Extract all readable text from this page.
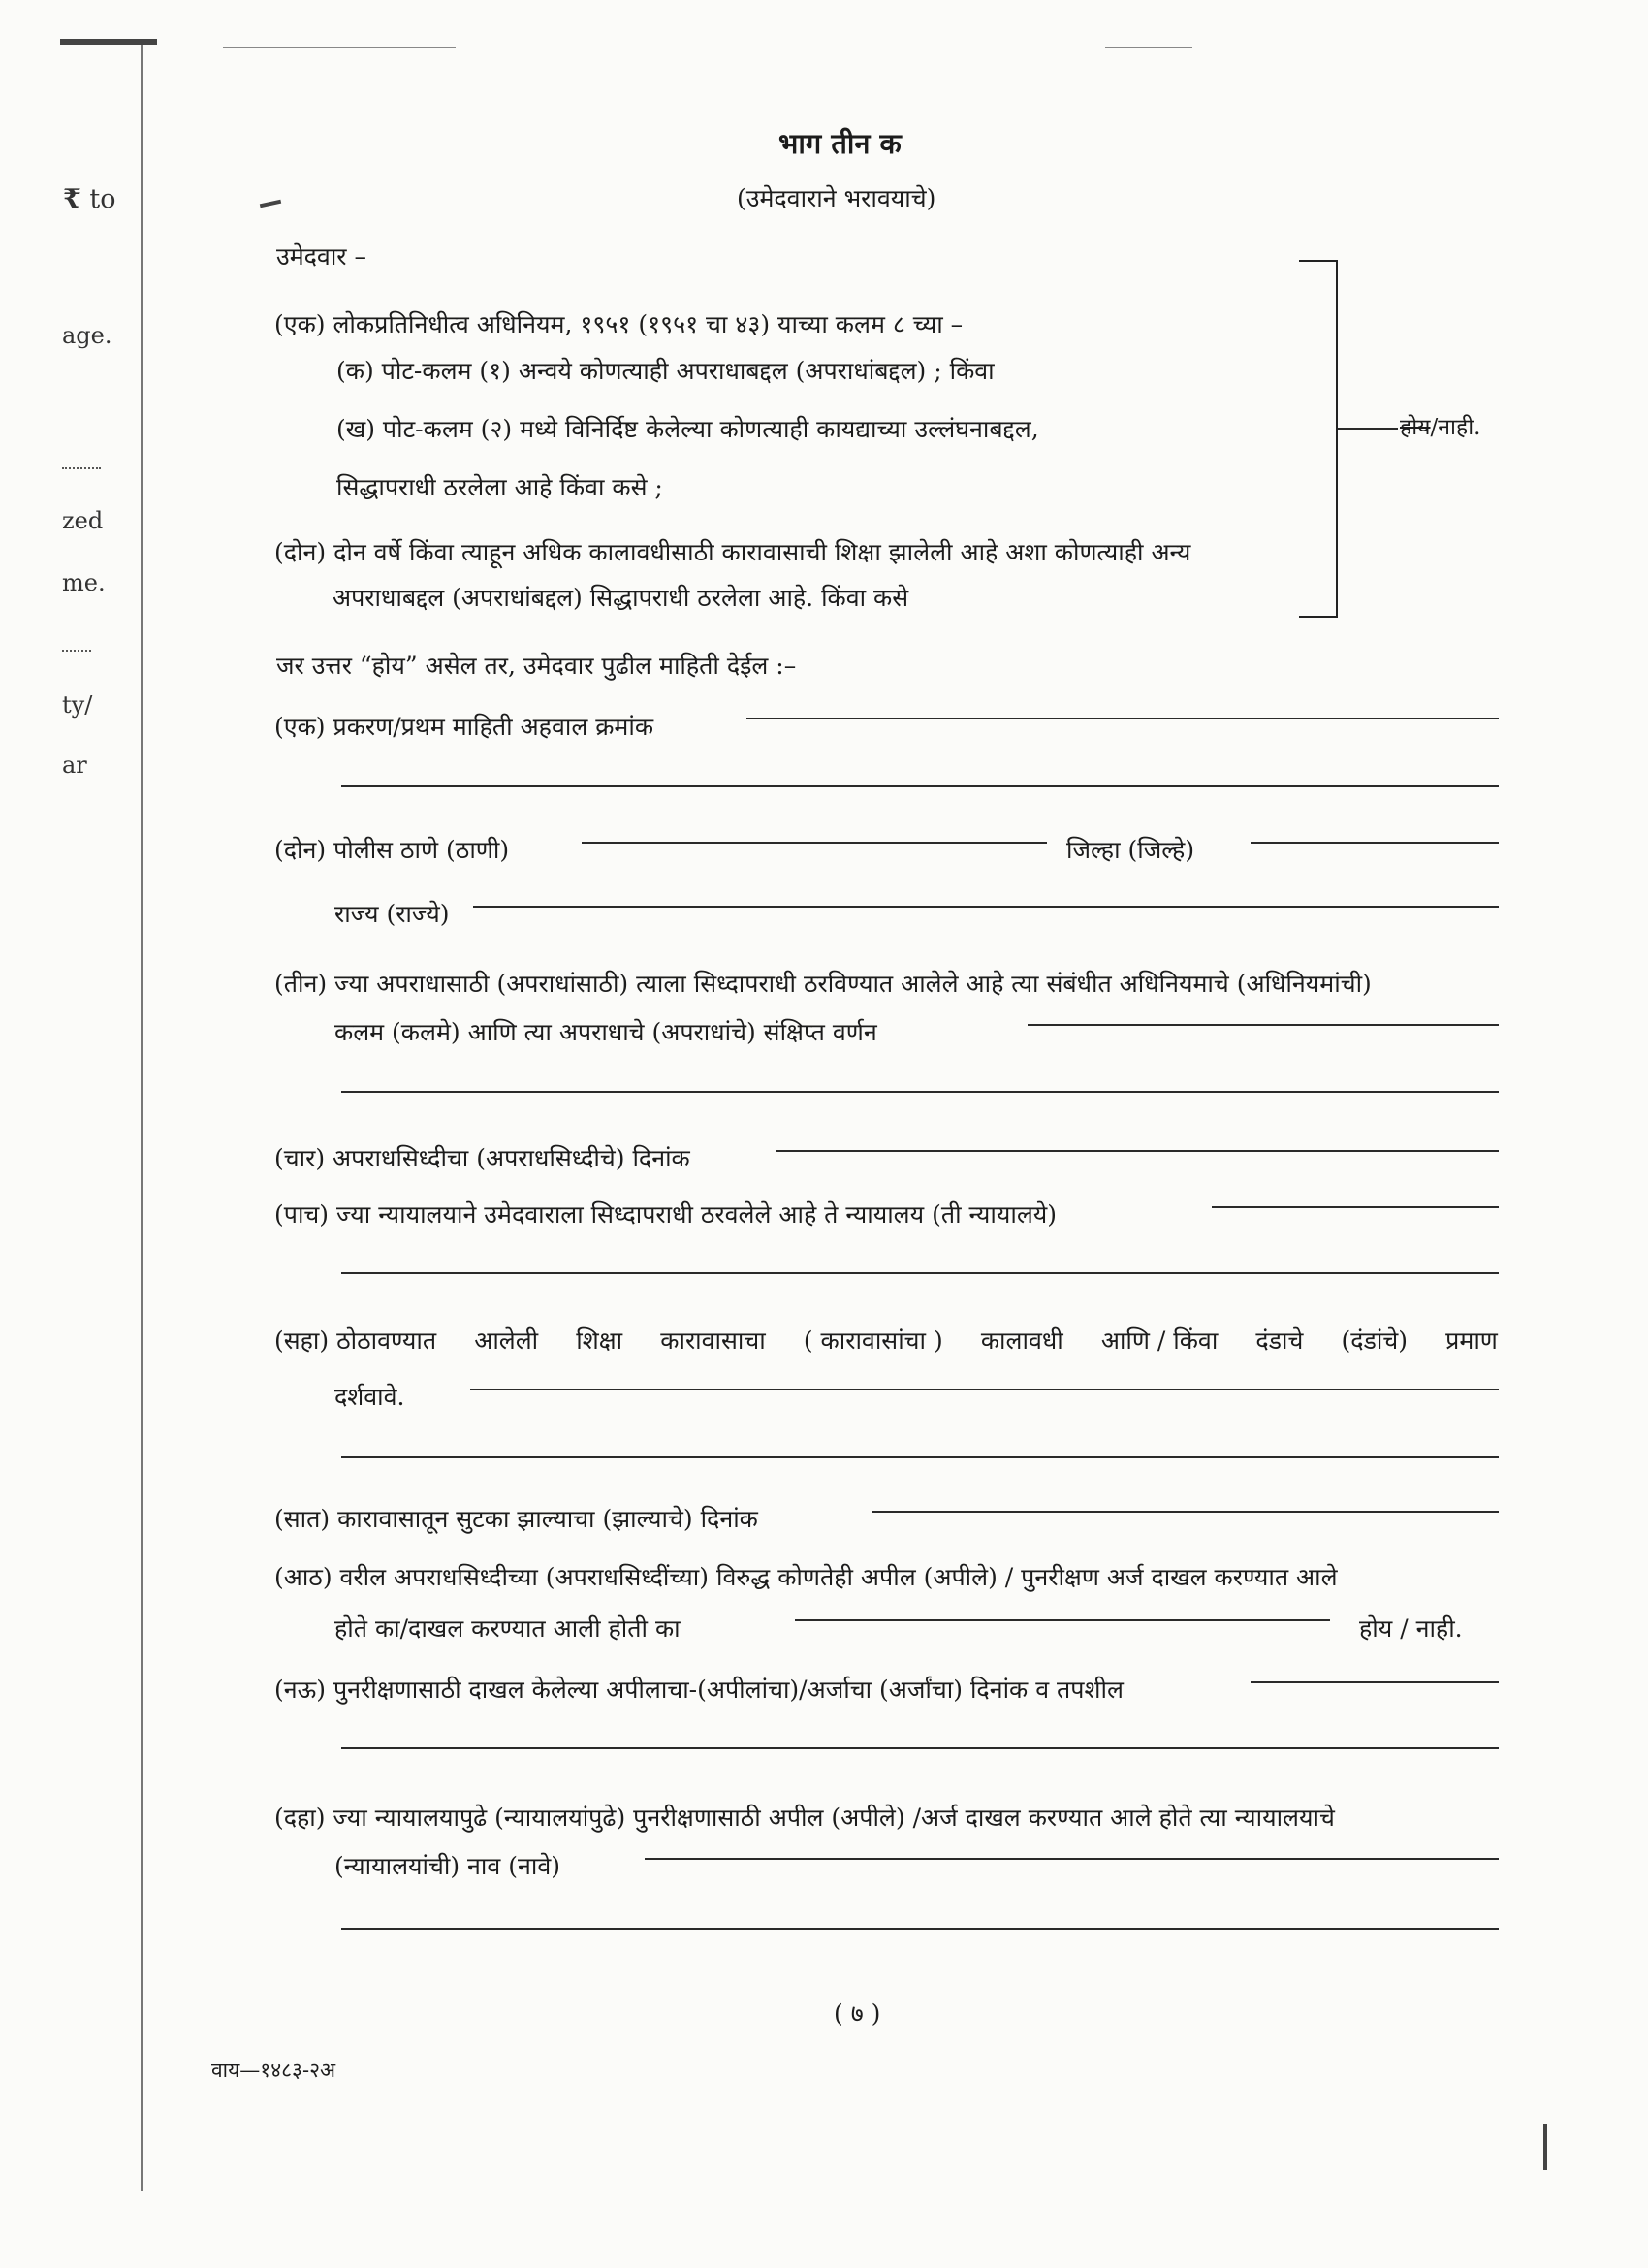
₹ to
age.
zed
me.
ty/
ar
भाग तीन क
(उमेदवाराने भरावयाचे)
उमेदवार –
(एक) लोकप्रतिनिधीत्व अधिनियम, १९५१ (१९५१ चा ४३) याच्या कलम ८ च्या –
(क) पोट-कलम (१) अन्वये कोणत्याही अपराधाबद्दल (अपराधांबद्दल) ; किंवा
(ख) पोट-कलम (२) मध्ये विनिर्दिष्ट केलेल्या कोणत्याही कायद्याच्या उल्लंघनाबद्दल,
सिद्धापराधी ठरलेला आहे किंवा कसे ;
(दोन) दोन वर्षे किंवा त्याहून अधिक कालावधीसाठी कारावासाची शिक्षा झालेली आहे अशा कोणत्याही अन्य
अपराधाबद्दल (अपराधांबद्दल) सिद्धापराधी ठरलेला आहे. किंवा कसे
होय/नाही.
जर उत्तर “होय” असेल तर, उमेदवार पुढील माहिती देईल :–
(एक) प्रकरण/प्रथम माहिती अहवाल क्रमांक
(दोन) पोलीस ठाणे (ठाणी)	जिल्हा (जिल्हे)
राज्य (राज्ये)
(तीन) ज्या अपराधासाठी (अपराधांसाठी) त्याला सिध्दापराधी ठरविण्यात आलेले आहे त्या संबंधीत अधिनियमाचे (अधिनियमांची)
कलम (कलमे) आणि त्या अपराधाचे (अपराधांचे) संक्षिप्त वर्णन
(चार) अपराधसिध्दीचा (अपराधसिध्दीचे) दिनांक
(पाच) ज्या न्यायालयाने उमेदवाराला सिध्दापराधी ठरवलेले आहे ते न्यायालय (ती न्यायालये)
(सहा) ठोठावण्यात आलेली शिक्षा कारावासाचा ( कारावासांचा ) कालावधी आणि / किंवा दंडाचे (दंडांचे) प्रमाण
दर्शवावे.
(सात) कारावासातून सुटका झाल्याचा (झाल्याचे) दिनांक
(आठ) वरील अपराधसिध्दीच्या (अपराधसिध्दींच्या) विरुद्ध कोणतेही अपील (अपीले) / पुनरीक्षण अर्ज दाखल करण्यात आले
होते का/दाखल करण्यात आली होती का	होय / नाही.
(नऊ) पुनरीक्षणासाठी दाखल केलेल्या अपीलाचा-(अपीलांचा)/अर्जाचा (अर्जांचा) दिनांक व तपशील
(दहा) ज्या न्यायालयापुढे (न्यायालयांपुढे) पुनरीक्षणासाठी अपील (अपीले) /अर्ज दाखल करण्यात आले होते त्या न्यायालयाचे
(न्यायालयांची) नाव (नावे)
( ७ )
वाय—१४८३-२अ
